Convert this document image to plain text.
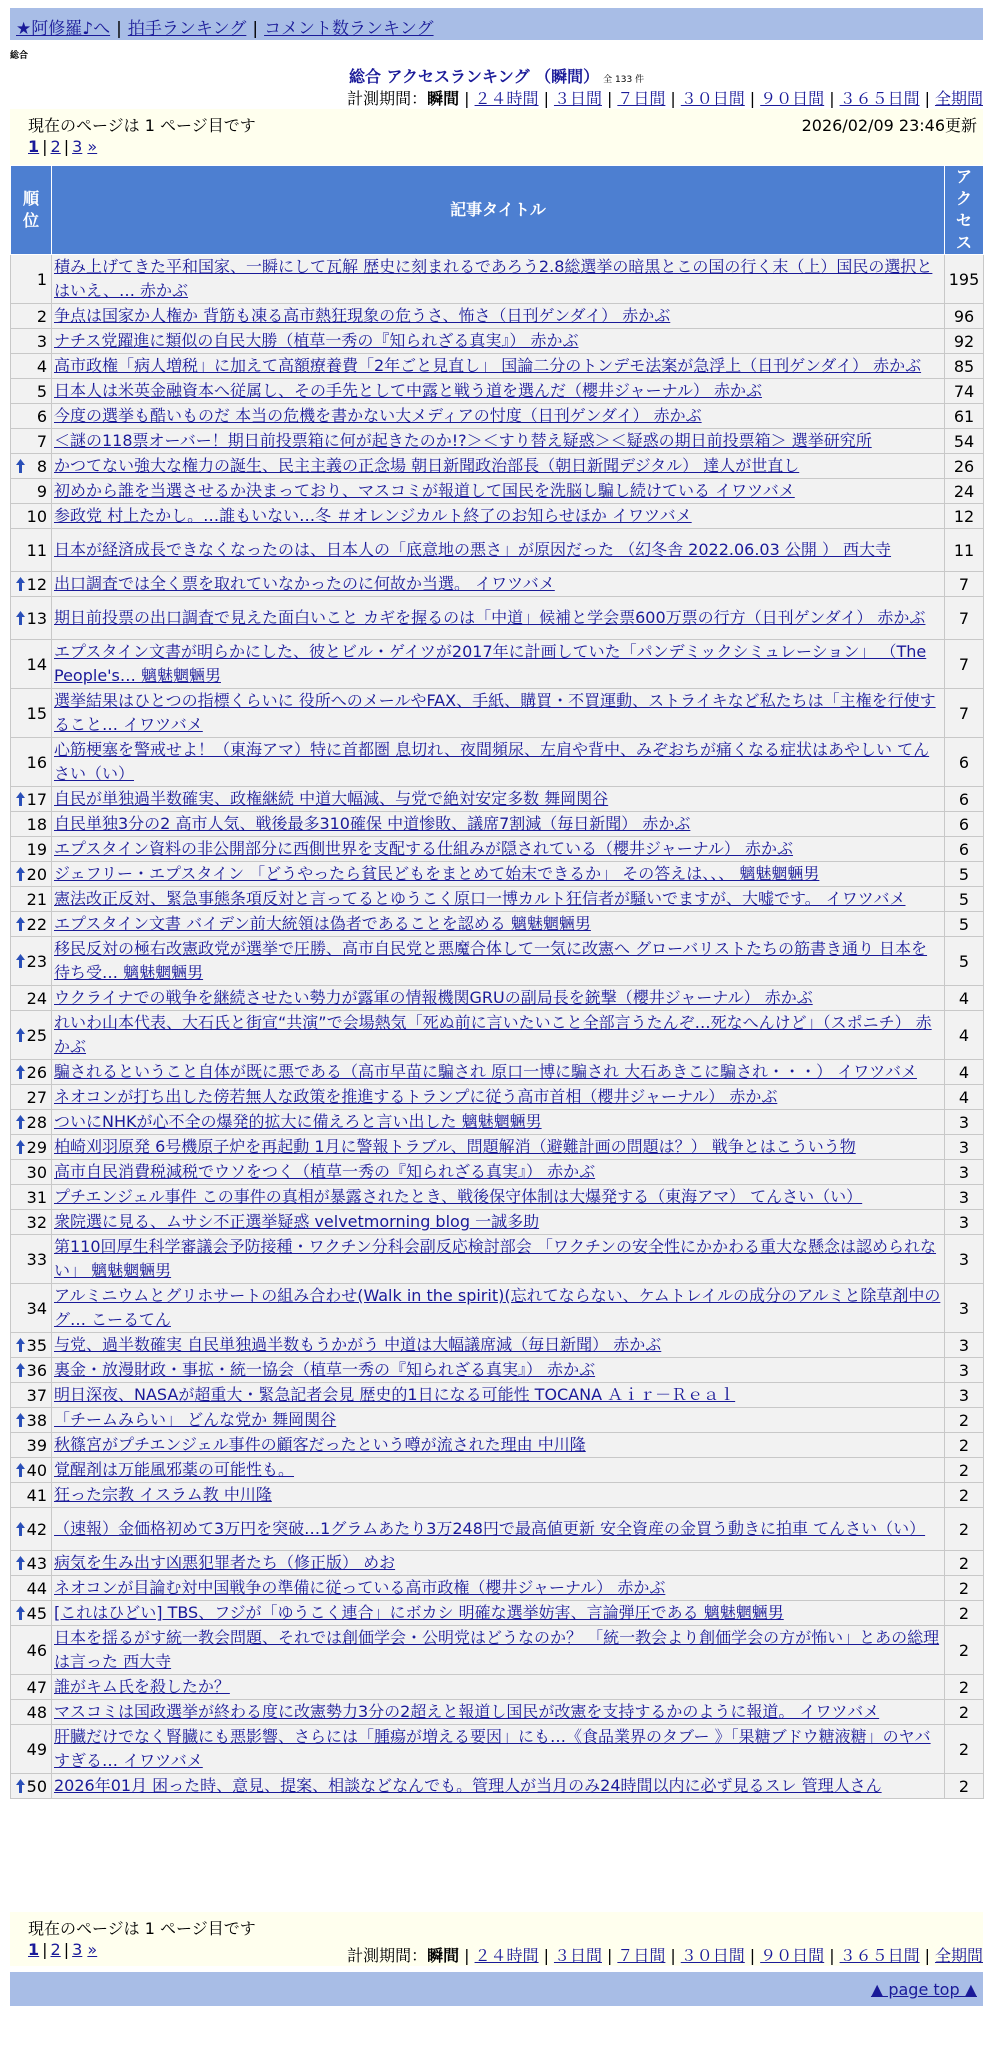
★阿修羅♪へ | 拍手ランキング | コメント数ランキング
総合
総合 アクセスランキング （瞬間） 全 133 件
計測期間：瞬間 | ２４時間 | ３日間 | ７日間 | ３０日間 | ９０日間 | ３６５日間 | 全期間
現在のページは 1 ページ目です	2026/02/09 23:46更新
1 | 2 | 3 »
順位	記事タイトル	アクセス
1	積み上げてきた平和国家、一瞬にして瓦解 歴史に刻まれるであろう2.8総選挙の暗黒とこの国の行く末（上）国民の選択とはいえ、… 赤かぶ	195
2	争点は国家か人権か 背筋も凍る高市熱狂現象の危うさ、怖さ（日刊ゲンダイ） 赤かぶ	96
3	ナチス党躍進に類似の自民大勝（植草一秀の『知られざる真実』） 赤かぶ	92
4	高市政権「病人増税」に加えて高額療養費「2年ごと見直し」 国論二分のトンデモ法案が急浮上（日刊ゲンダイ） 赤かぶ	85
5	日本人は米英金融資本へ従属し、その手先として中露と戦う道を選んだ（櫻井ジャーナル） 赤かぶ	74
6	今度の選挙も酷いものだ 本当の危機を書かない大メディアの忖度（日刊ゲンダイ） 赤かぶ	61
7	＜謎の118票オーバー！期日前投票箱に何が起きたのか!?＞＜すり替え疑惑＞＜疑惑の期日前投票箱＞ 選挙研究所	54

8	かつてない強大な権力の誕生、民主主義の正念場 朝日新聞政治部長（朝日新聞デジタル） 達人が世直し	26
9	初めから誰を当選させるか決まっており、マスコミが報道して国民を洗脳し騙し続けている イワツバメ	24
10	参政党 村上たかし。…誰もいない…冬 ＃オレンジカルト終了のお知らせほか イワツバメ	12
11	日本が経済成長できなくなったのは、日本人の「底意地の悪さ」が原因だった （幻冬舎 2022.06.03 公開 ） 西大寺	11

12	出口調査では全く票を取れていなかったのに何故か当選。 イワツバメ	7

13	期日前投票の出口調査で見えた面白いこと カギを握るのは「中道」候補と学会票600万票の行方（日刊ゲンダイ） 赤かぶ	7
14	エプスタイン文書が明らかにした、彼とビル・ゲイツが2017年に計画していた「パンデミックシミュレーション」 （The People's… 魑魅魍魎男	7
15	選挙結果はひとつの指標くらいに 役所へのメールやFAX、手紙、購買・不買運動、ストライキなど私たちは「主権を行使すること… イワツバメ	7
16	心筋梗塞を警戒せよ！（東海アマ）特に首都圏 息切れ、夜間頻尿、左肩や背中、みぞおちが痛くなる症状はあやしい てんさい（い）	6

17	自民が単独過半数確実、政権継続 中道大幅減、与党で絶対安定多数 舞岡関谷	6
18	自民単独3分の2 高市人気、戦後最多310確保 中道惨敗、議席7割減（毎日新聞） 赤かぶ	6
19	エプスタイン資料の非公開部分に西側世界を支配する仕組みが隠されている（櫻井ジャーナル） 赤かぶ	6

20	ジェフリー・エプスタイン 「どうやったら貧民どもをまとめて始末できるか」 その答えは、、、 魑魅魍魎男	5
21	憲法改正反対、緊急事態条項反対と言ってるとゆうこく原口一博カルト狂信者が騒いでますが、大嘘です。 イワツバメ	5

22	エプスタイン文書 バイデン前大統領は偽者であることを認める 魑魅魍魎男	5

23	移民反対の極右改憲政党が選挙で圧勝、高市自民党と悪魔合体して一気に改憲へ グローバリストたちの筋書き通り 日本を待ち受… 魑魅魍魎男	5
24	ウクライナでの戦争を継続させたい勢力が露軍の情報機関GRUの副局長を銃撃（櫻井ジャーナル） 赤かぶ	4

25	れいわ山本代表、大石氏と街宣“共演”で会場熱気「死ぬ前に言いたいこと全部言うたんぞ…死なへんけど」（スポニチ） 赤かぶ	4

26	騙されるということ自体が既に悪である（高市早苗に騙され 原口一博に騙され 大石あきこに騙され・・・） イワツバメ	4
27	ネオコンが打ち出した傍若無人な政策を推進するトランプに従う高市首相（櫻井ジャーナル） 赤かぶ	4

28	ついにNHKが心不全の爆発的拡大に備えろと言い出した 魑魅魍魎男	3

29	柏崎刈羽原発 6号機原子炉を再起動 1月に警報トラブル、問題解消（避難計画の問題は？） 戦争とはこういう物	3
30	高市自民消費税減税でウソをつく（植草一秀の『知られざる真実』） 赤かぶ	3
31	プチエンジェル事件 この事件の真相が暴露されたとき、戦後保守体制は大爆発する（東海アマ） てんさい（い）	3
32	衆院選に見る、ムサシ不正選挙疑惑 velvetmorning blog 一誠多助	3
33	第110回厚生科学審議会予防接種・ワクチン分科会副反応検討部会 「ワクチンの安全性にかかわる重大な懸念は認められない」 魑魅魍魎男	3
34	アルミニウムとグリホサートの組み合わせ(Walk in the spirit)(忘れてならない、ケムトレイルの成分のアルミと除草剤中のグ… こーるてん	3

35	与党、過半数確実 自民単独過半数もうかがう 中道は大幅議席減（毎日新聞） 赤かぶ	3

36	裏金・放漫財政・事拡・統一協会（植草一秀の『知られざる真実』） 赤かぶ	3
37	明日深夜、NASAが超重大・緊急記者会見 歴史的1日になる可能性 TOCANA Ａｉｒ－Ｒｅａｌ	3

38	「チームみらい」 どんな党か 舞岡関谷	2
39	秋篠宮がプチエンジェル事件の顧客だったという噂が流された理由 中川隆	2

40	覚醒剤は万能風邪薬の可能性も。	2
41	狂った宗教 イスラム教 中川隆	2

42	（速報）金価格初めて3万円を突破…1グラムあたり3万248円で最高値更新 安全資産の金買う動きに拍車 てんさい（い）	2

43	病気を生み出す凶悪犯罪者たち（修正版） めお	2
44	ネオコンが目論む対中国戦争の準備に従っている高市政権（櫻井ジャーナル） 赤かぶ	2

45	[これはひどい] TBS、フジが「ゆうこく連合」にボカシ 明確な選挙妨害、言論弾圧である 魑魅魍魎男	2
46	日本を揺るがす統一教会問題、それでは創価学会・公明党はどうなのか？ 「統一教会より創価学会の方が怖い」とあの総理は言った 西大寺	2
47	誰がキム氏を殺したか？	2
48	マスコミは国政選挙が終わる度に改憲勢力3分の2超えと報道し国民が改憲を支持するかのように報道。 イワツバメ	2
49	肝臓だけでなく腎臓にも悪影響、さらには「腫瘍が増える要因」にも…《食品業界のタブー 》「果糖ブドウ糖液糖」のヤバすぎる… イワツバメ	2

50	2026年01月 困った時、意見、提案、相談などなんでも。管理人が当月のみ24時間以内に必ず見るスレ 管理人さん	2
現在のページは 1 ページ目です
1 | 2 | 3 »	計測期間：瞬間 | ２４時間 | ３日間 | ７日間 | ３０日間 | ９０日間 | ３６５日間 | 全期間
▲ page top ▲
